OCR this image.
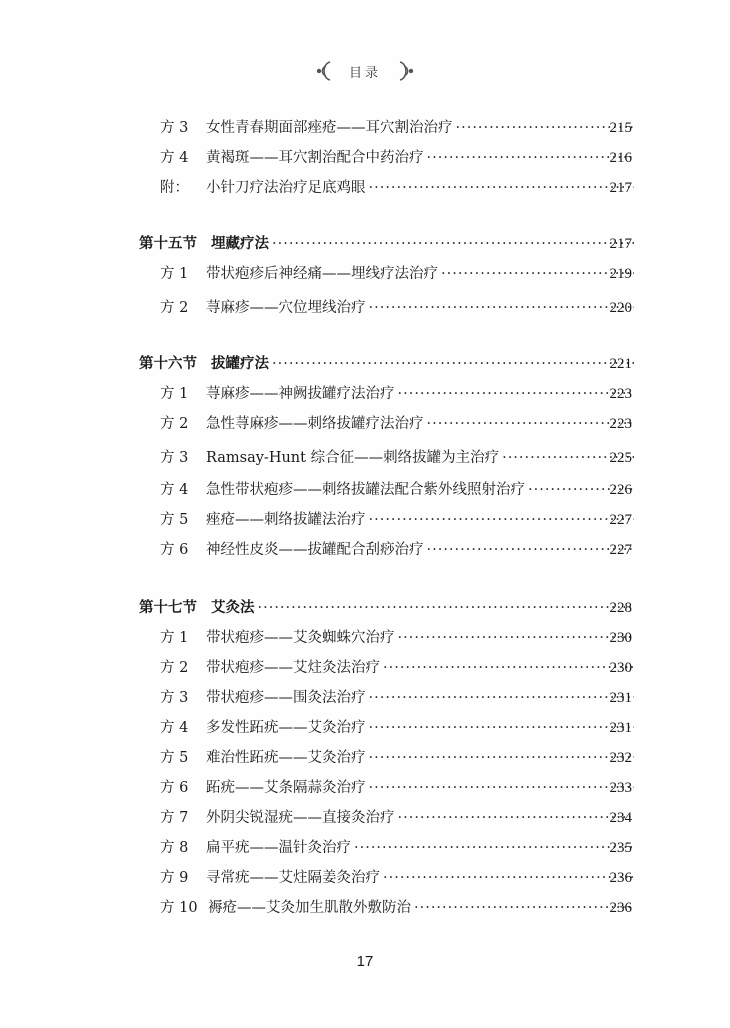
目录
方 3	女性青春期面部痤疮——耳穴割治治疗 ·····	215
方 4	黄褐斑——耳穴割治配合中药治疗 ·····	216
附：	小针刀疗法治疗足底鸡眼 ·····	217
第十五节 埋藏疗法 ·····	217
方 1	带状疱疹后神经痛——埋线疗法治疗 ·····	219
方 2	荨麻疹——穴位埋线治疗 ·····	220
第十六节 拔罐疗法 ·····	221
方 1	荨麻疹——神阙拔罐疗法治疗 ·····	223
方 2	急性荨麻疹——刺络拔罐疗法治疗 ·····	223
方 3	Ramsay-Hunt 综合征——刺络拔罐为主治疗 ·····	225
方 4	急性带状疱疹——刺络拔罐法配合紫外线照射治疗 ·····	226
方 5	痤疮——刺络拔罐法治疗 ·····	227
方 6	神经性皮炎——拔罐配合刮痧治疗 ·····	227
第十七节 艾灸法 ·····	228
方 1	带状疱疹——艾灸蜘蛛穴治疗 ·····	230
方 2	带状疱疹——艾炷灸法治疗 ·····	230
方 3	带状疱疹——围灸法治疗 ·····	231
方 4	多发性跖疣——艾灸治疗 ·····	231
方 5	难治性跖疣——艾灸治疗 ·····	232
方 6	跖疣——艾条隔蒜灸治疗 ·····	233
方 7	外阴尖锐湿疣——直接灸治疗 ·····	234
方 8	扁平疣——温针灸治疗 ·····	235
方 9	寻常疣——艾炷隔姜灸治疗 ·····	236
方 10 褥疮——艾灸加生肌散外敷防治 ·····	236
17
